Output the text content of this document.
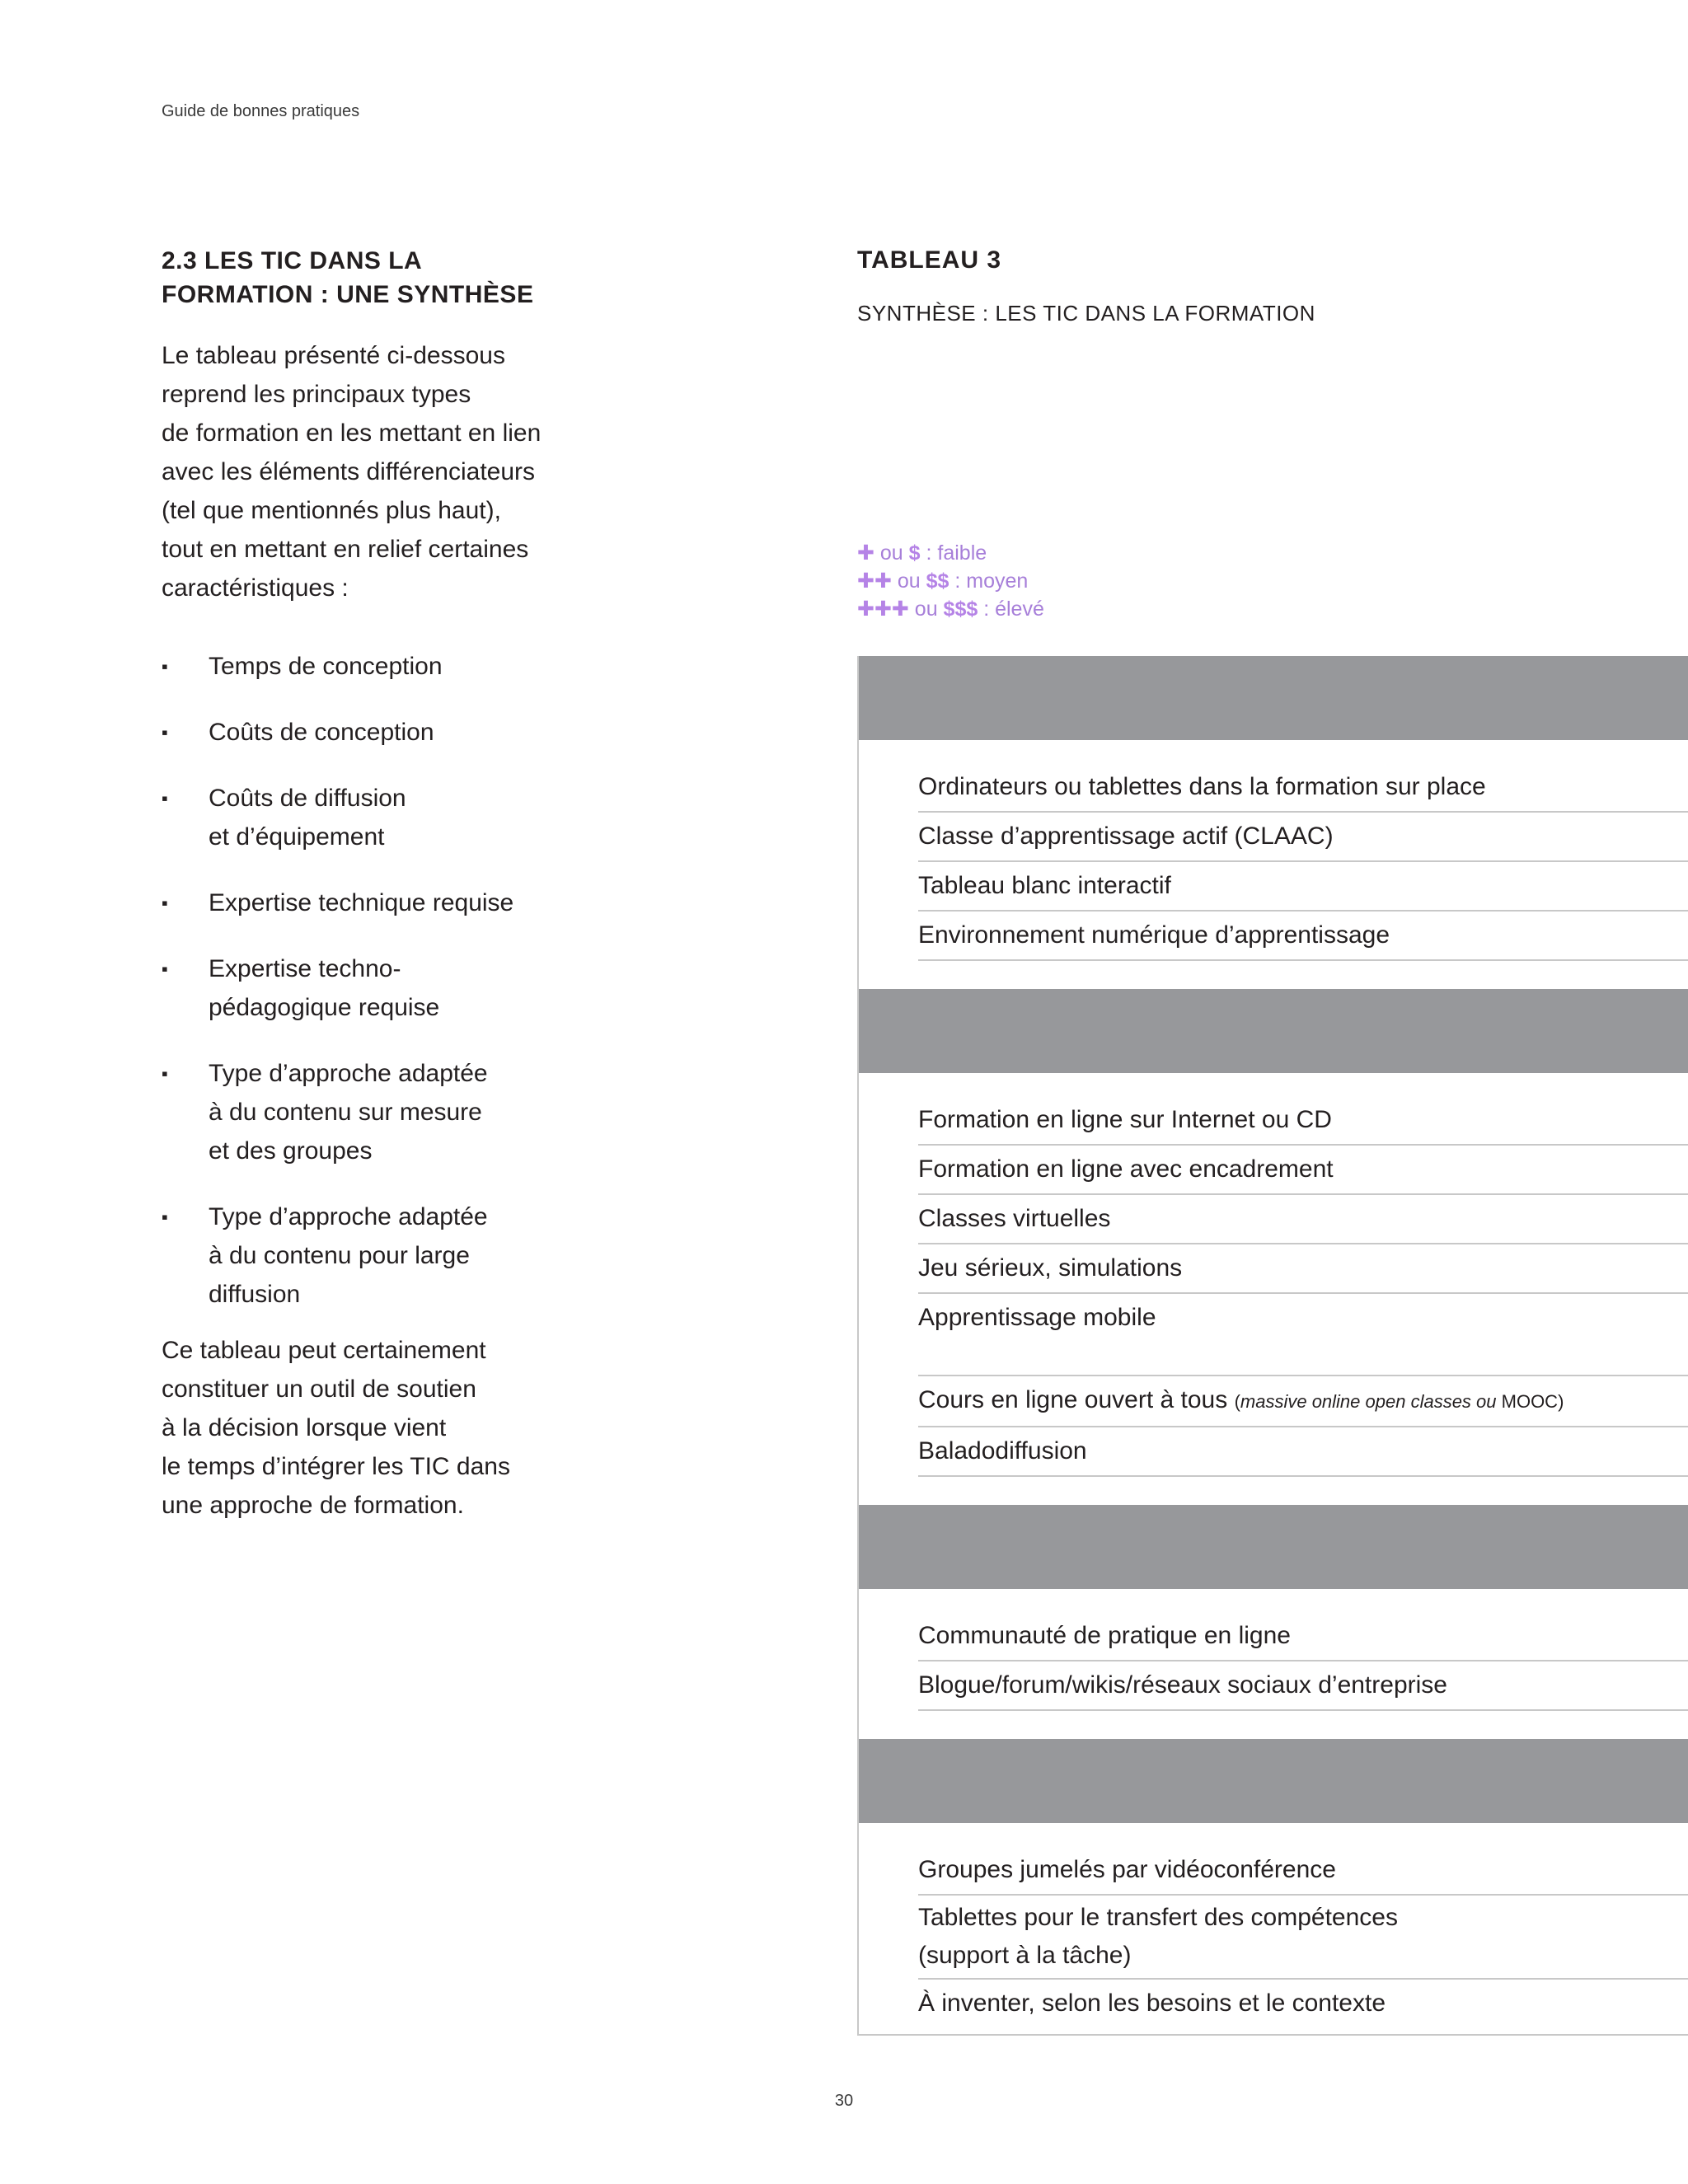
Guide de bonnes pratiques
2.3 LES TIC DANS LA
FORMATION : UNE SYNTHÈSE

Le tableau présenté ci-dessous
reprend les principaux types
de formation en les mettant en lien
avec les éléments différenciateurs
(tel que mentionnés plus haut),
tout en mettant en relief certaines
caractéristiques :

▪ Temps de conception
▪ Coûts de conception
▪ Coûts de diffusion
et d’équipement
▪ Expertise technique requise
▪ Expertise techno-
pédagogique requise
▪ Type d’approche adaptée
à du contenu sur mesure
et des groupes
▪ Type d’approche adaptée
à du contenu pour large
diffusion

Ce tableau peut certainement
constituer un outil de soutien
à la décision lorsque vient
le temps d’intégrer les TIC dans
une approche de formation.

TABLEAU 3
SYNTHÈSE : LES TIC DANS LA FORMATION
✚ ou $ : faible
✚✚ ou $$ : moyen
✚✚✚ ou $$$ : élevé
Ordinateurs ou tablettes dans la formation sur place
Classe d’apprentissage actif (CLAAC)
Tableau blanc interactif
Environnement numérique d’apprentissage
Formation en ligne sur Internet ou CD
Formation en ligne avec encadrement
Classes virtuelles
Jeu sérieux, simulations
Apprentissage mobile
Cours en ligne ouvert à tous (massive online open classes ou MOOC)
Baladodiffusion
Communauté de pratique en ligne
Blogue/forum/wikis/réseaux sociaux d’entreprise
Groupes jumelés par vidéoconférence
Tablettes pour le transfert des compétences
(support à la tâche)
À inventer, selon les besoins et le contexte
30
